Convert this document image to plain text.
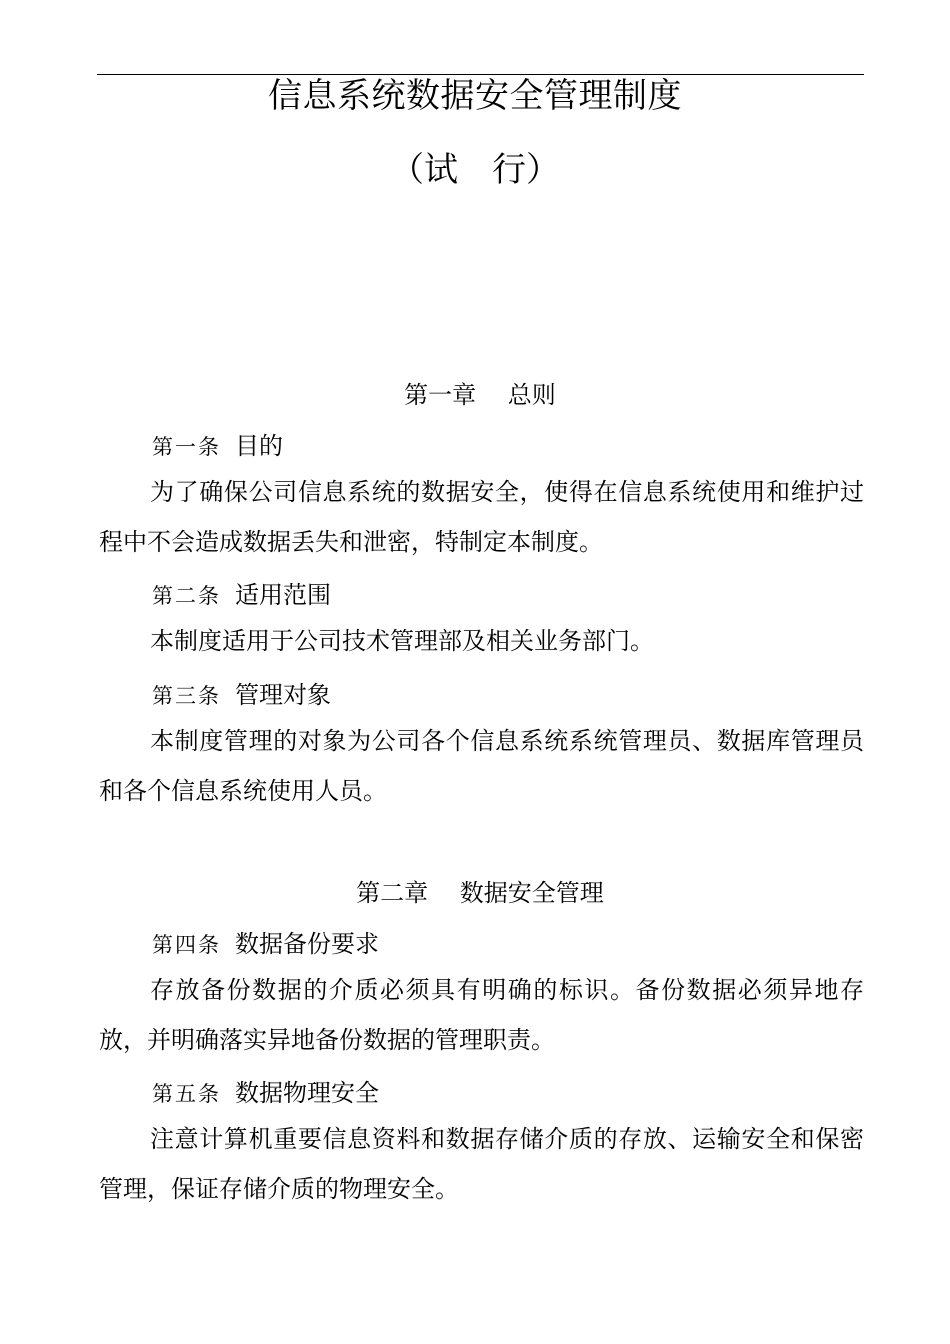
信息系统数据安全管理制度
（试　行）
第一章　 总则
第一条 目的
为了确保公司信息系统的数据安全，使得在信息系统使用和维护过程中不会造成数据丢失和泄密，特制定本制度。
第二条 适用范围
本制度适用于公司技术管理部及相关业务部门。
第三条 管理对象
本制度管理的对象为公司各个信息系统系统管理员、数据库管理员和各个信息系统使用人员。
第二章　 数据安全管理
第四条 数据备份要求
存放备份数据的介质必须具有明确的标识。备份数据必须异地存放，并明确落实异地备份数据的管理职责。
第五条 数据物理安全
注意计算机重要信息资料和数据存储介质的存放、运输安全和保密管理，保证存储介质的物理安全。
